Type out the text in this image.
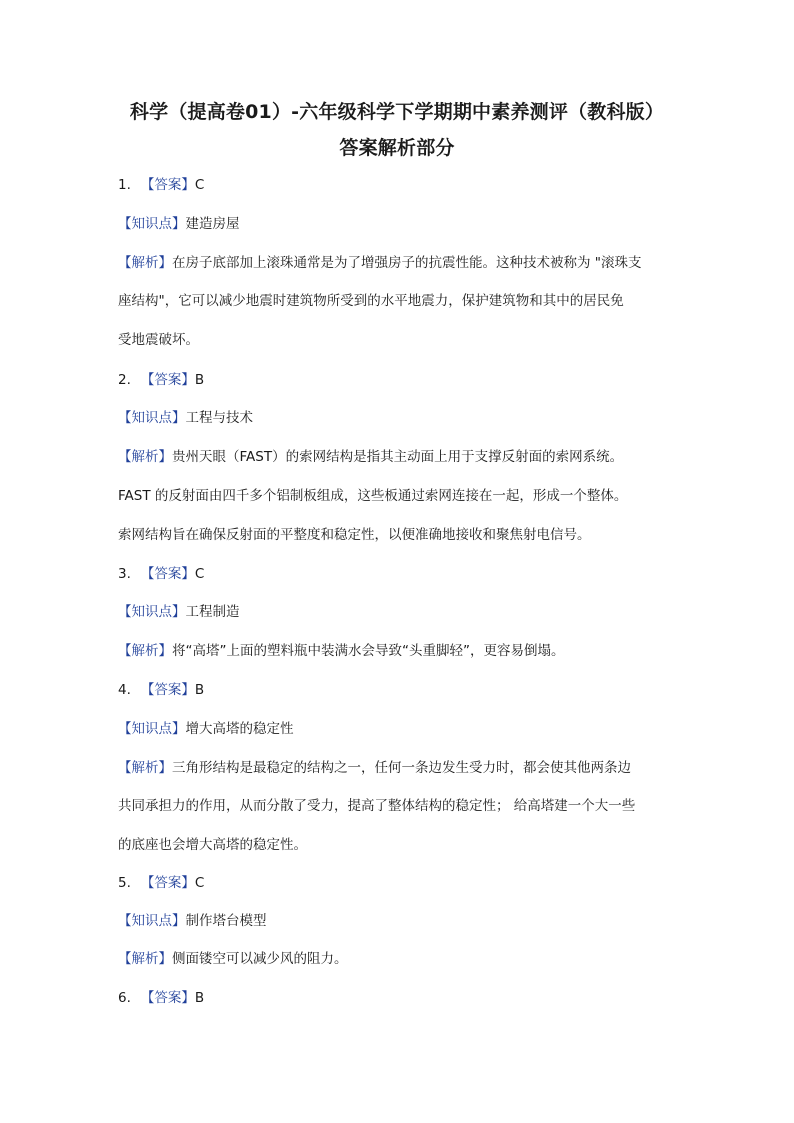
科学（提高卷01）-六年级科学下学期期中素养测评（教科版）
答案解析部分
1. 【答案】C
【知识点】建造房屋
【解析】在房子底部加上滚珠通常是为了增强房子的抗震性能。这种技术被称为 "滚珠支
座结构"，它可以减少地震时建筑物所受到的水平地震力，保护建筑物和其中的居民免
受地震破坏。
2. 【答案】B
【知识点】工程与技术
【解析】贵州天眼（FAST）的索网结构是指其主动面上用于支撑反射面的索网系统。
FAST 的反射面由四千多个铝制板组成，这些板通过索网连接在一起，形成一个整体。
索网结构旨在确保反射面的平整度和稳定性，以便准确地接收和聚焦射电信号。
3. 【答案】C
【知识点】工程制造
【解析】将“高塔”上面的塑料瓶中装满水会导致“头重脚轻”，更容易倒塌。
4. 【答案】B
【知识点】增大高塔的稳定性
【解析】三角形结构是最稳定的结构之一，任何一条边发生受力时，都会使其他两条边
共同承担力的作用，从而分散了受力，提高了整体结构的稳定性； 给高塔建一个大一些
的底座也会增大高塔的稳定性。
5. 【答案】C
【知识点】制作塔台模型
【解析】侧面镂空可以减少风的阻力。
6. 【答案】B
